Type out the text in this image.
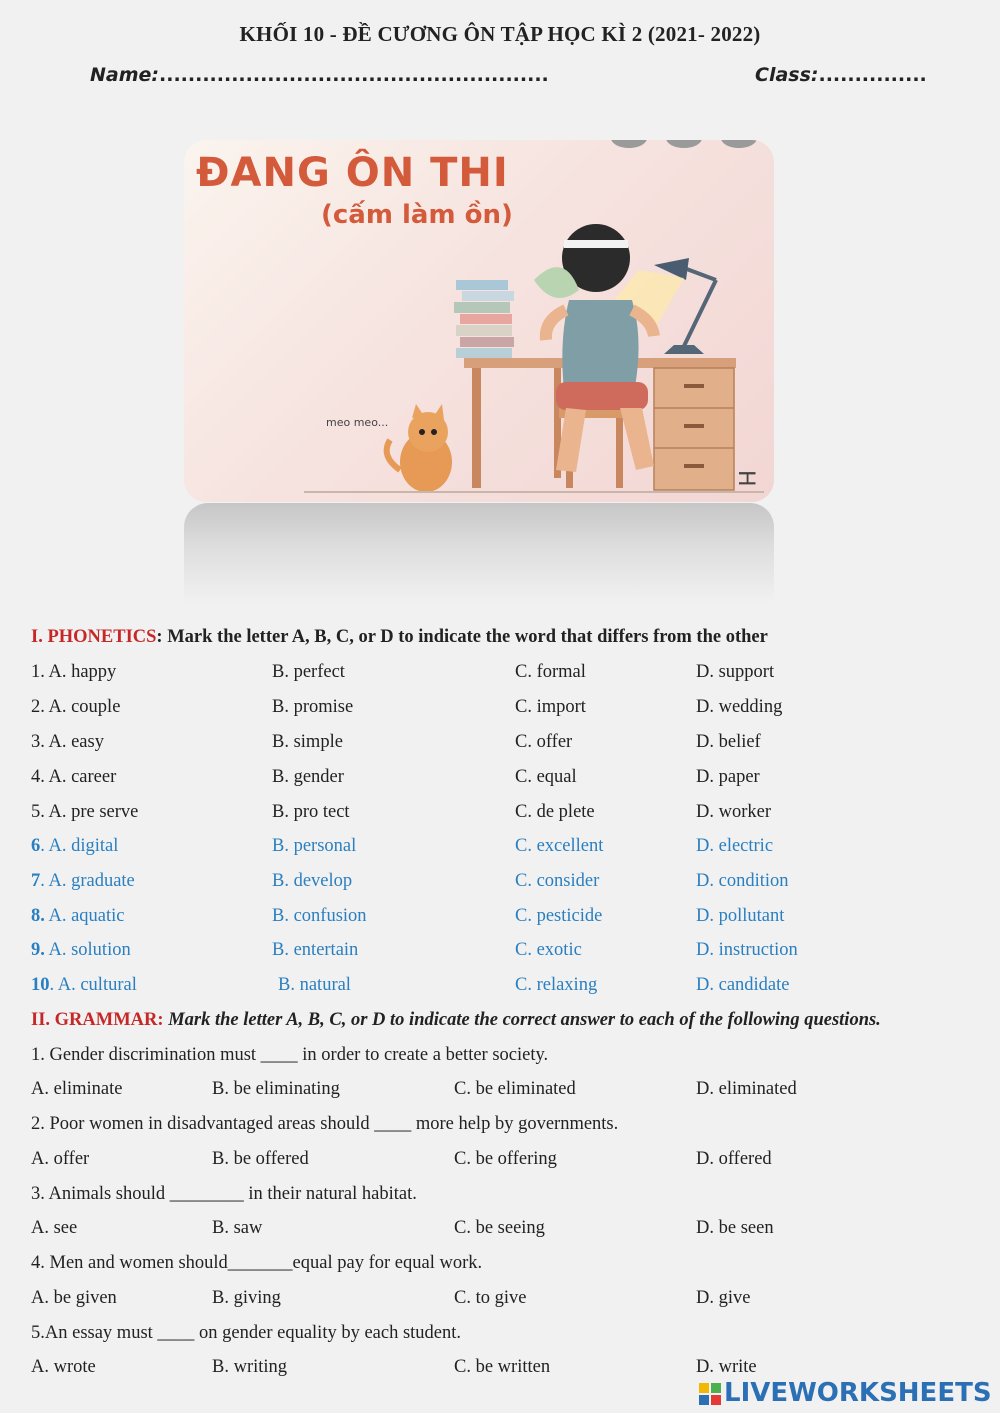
KHỐI 10 - ĐỀ CƯƠNG ÔN TẬP HỌC KÌ 2 (2021- 2022)
Name:......................................................	Class:...............
ĐANG ÔN THI
(cấm làm ồn)
H
meo meo...
I. PHONETICS: Mark the letter A, B, C, or D to indicate the word that differs from the other
1. A. happy	B. perfect	C. formal	D. support
2. A. couple	B. promise	C. import	D. wedding
3. A. easy	B. simple	C. offer	D. belief
4. A. career	B. gender	C. equal	D. paper
5. A. pre serve	B. pro tect	C. de plete	D. worker
6. A. digital	B. personal	C. excellent	D. electric
7. A. graduate	B. develop	C. consider	D. condition
8. A. aquatic	B. confusion	C. pesticide	D. pollutant
9. A. solution	B. entertain	C. exotic	D. instruction
10. A. cultural	B. natural	C. relaxing	D. candidate
II. GRAMMAR: Mark the letter A, B, C, or D to indicate the correct answer to each of the following questions.
1. Gender discrimination must ____ in order to create a better society.
A. eliminate	B. be eliminating	C. be eliminated	D. eliminated
2. Poor women in disadvantaged areas should ____ more help by governments.
A. offer	B. be offered	C. be offering	D. offered
3. Animals should ________ in their natural habitat.
A. see	B. saw	C. be seeing	D. be seen
4. Men and women should_______equal pay for equal work.
A. be given	B. giving	C. to give	D. give
5.An essay must ____ on gender equality by each student.
A. wrote	B. writing	C. be written	D. write
LIVEWORKSHEETS
